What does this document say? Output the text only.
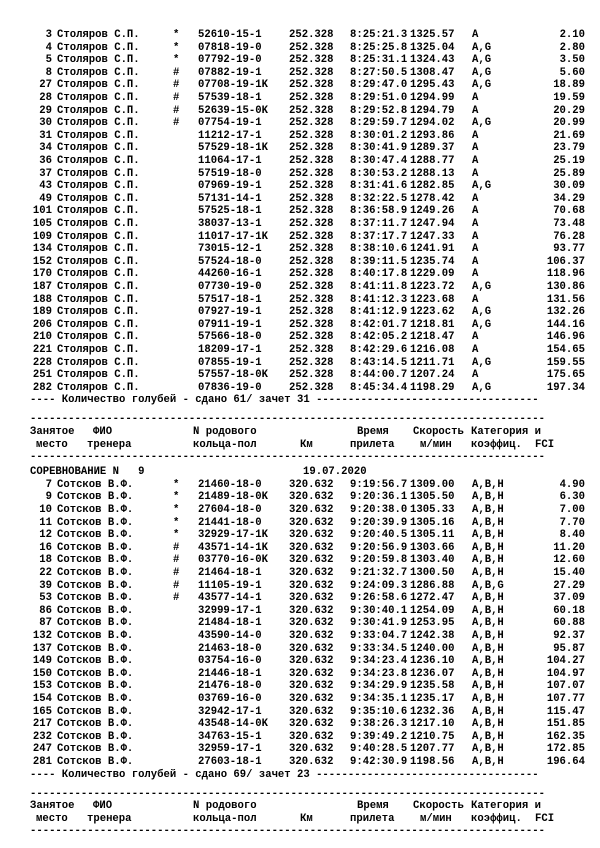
3 Столяров С.П.	* 52610-15-1	252.328 8:25:21.3 1325.57 A	2.10
4 Столяров С.П.	* 07818-19-0	252.328 8:25:25.8 1325.04 A,G	2.80
5 Столяров С.П.	* 07792-19-0	252.328 8:25:31.1 1324.43 A,G	3.50
8 Столяров С.П.	# 07882-19-1	252.328 8:27:50.5 1308.47 A,G	5.60
27 Столяров С.П.	# 07708-19-1K 252.328 8:29:47.0 1295.43 A,G	18.89
28 Столяров С.П.	# 57539-18-1	252.328 8:29:51.0 1294.99 A	19.59
29 Столяров С.П.	# 52639-15-0K 252.328 8:29:52.8 1294.79 A	20.29
30 Столяров С.П.	# 07754-19-1	252.328 8:29:59.7 1294.02 A,G	20.99
31 Столяров С.П.	11212-17-1	252.328 8:30:01.2 1293.86 A	21.69
34 Столяров С.П.	57529-18-1K 252.328 8:30:41.9 1289.37 A	23.79
36 Столяров С.П.	11064-17-1	252.328 8:30:47.4 1288.77 A	25.19
37 Столяров С.П.	57519-18-0	252.328 8:30:53.2 1288.13 A	25.89
43 Столяров С.П.	07969-19-1	252.328 8:31:41.6 1282.85 A,G	30.09
49 Столяров С.П.	57131-14-1	252.328 8:32:22.5 1278.42 A	34.29
101 Столяров С.П.	57525-18-1	252.328 8:36:58.9 1249.26 A	70.68
105 Столяров С.П.	38037-13-1	252.328 8:37:11.7 1247.94 A	73.48
109 Столяров С.П.	11017-17-1K 252.328 8:37:17.7 1247.33 A	76.28
134 Столяров С.П.	73015-12-1	252.328 8:38:10.6 1241.91 A	93.77
152 Столяров С.П.	57524-18-0	252.328 8:39:11.5 1235.74 A	106.37
170 Столяров С.П.	44260-16-1	252.328 8:40:17.8 1229.09 A	118.96
187 Столяров С.П.	07730-19-0	252.328 8:41:11.8 1223.72 A,G	130.86
188 Столяров С.П.	57517-18-1	252.328 8:41:12.3 1223.68 A	131.56
189 Столяров С.П.	07927-19-1	252.328 8:41:12.9 1223.62 A,G	132.26
206 Столяров С.П.	07911-19-1	252.328 8:42:01.7 1218.81 A,G	144.16
210 Столяров С.П.	57566-18-0	252.328 8:42:05.2 1218.47 A	146.96
221 Столяров С.П.	18209-17-1	252.328 8:42:29.6 1216.08 A	154.65
228 Столяров С.П.	07855-19-1	252.328 8:43:14.5 1211.71 A,G	159.55
251 Столяров С.П.	57557-18-0K 252.328 8:44:00.7 1207.24 A	175.65
282 Столяров С.П.	07836-19-0	252.328 8:45:34.4 1198.29 A,G	197.34
---- Количество голубей - сдано 61/ зачет 31 -----------------------------------
---------------------------------------------------------------------------------
Занятое ФИО	N родового	Время Скорость Категория и
место тренера	кольца-пол	Км	прилета м/мин коэффиц. FCI
---------------------------------------------------------------------------------
СОРЕВНОВАНИЕ N   9	19.07.2020
7 Сотсков В.Ф.	* 21460-18-0	320.632 9:19:56.7 1309.00 A,B,H	4.90
9 Сотсков В.Ф.	* 21489-18-0K 320.632 9:20:36.1 1305.50 A,B,H	6.30
10 Сотсков В.Ф.	* 27604-18-0	320.632 9:20:38.0 1305.33 A,B,H	7.00
11 Сотсков В.Ф.	* 21441-18-0	320.632 9:20:39.9 1305.16 A,B,H	7.70
12 Сотсков В.Ф.	* 32929-17-1K 320.632 9:20:40.5 1305.11 A,B,H	8.40
16 Сотсков В.Ф.	# 43571-14-1K 320.632 9:20:56.9 1303.66 A,B,H	11.20
18 Сотсков В.Ф.	# 03770-16-0K 320.632 9:20:59.8 1303.40 A,B,H	12.60
22 Сотсков В.Ф.	# 21464-18-1	320.632 9:21:32.7 1300.50 A,B,H	15.40
39 Сотсков В.Ф.	# 11105-19-1	320.632 9:24:09.3 1286.88 A,B,G	27.29
53 Сотсков В.Ф.	# 43577-14-1	320.632 9:26:58.6 1272.47 A,B,H	37.09
86 Сотсков В.Ф.	32999-17-1	320.632 9:30:40.1 1254.09 A,B,H	60.18
87 Сотсков В.Ф.	21484-18-1	320.632 9:30:41.9 1253.95 A,B,H	60.88
132 Сотсков В.Ф.	43590-14-0	320.632 9:33:04.7 1242.38 A,B,H	92.37
137 Сотсков В.Ф.	21463-18-0	320.632 9:33:34.5 1240.00 A,B,H	95.87
149 Сотсков В.Ф.	03754-16-0	320.632 9:34:23.4 1236.10 A,B,H	104.27
150 Сотсков В.Ф.	21446-18-1	320.632 9:34:23.8 1236.07 A,B,H	104.97
153 Сотсков В.Ф.	21476-18-0	320.632 9:34:29.9 1235.58 A,B,H	107.07
154 Сотсков В.Ф.	03769-16-0	320.632 9:34:35.1 1235.17 A,B,H	107.77
165 Сотсков В.Ф.	32942-17-1	320.632 9:35:10.6 1232.36 A,B,H	115.47
217 Сотсков В.Ф.	43548-14-0K 320.632 9:38:26.3 1217.10 A,B,H	151.85
232 Сотсков В.Ф.	34763-15-1	320.632 9:39:49.2 1210.75 A,B,H	162.35
247 Сотсков В.Ф.	32959-17-1	320.632 9:40:28.5 1207.77 A,B,H	172.85
281 Сотсков В.Ф.	27603-18-1	320.632 9:42:30.9 1198.56 A,B,H	196.64
---- Количество голубей - сдано 69/ зачет 23 -----------------------------------
---------------------------------------------------------------------------------
Занятое ФИО	N родового	Время Скорость Категория и
место тренера	кольца-пол	Км	прилета м/мин коэффиц. FCI
---------------------------------------------------------------------------------
